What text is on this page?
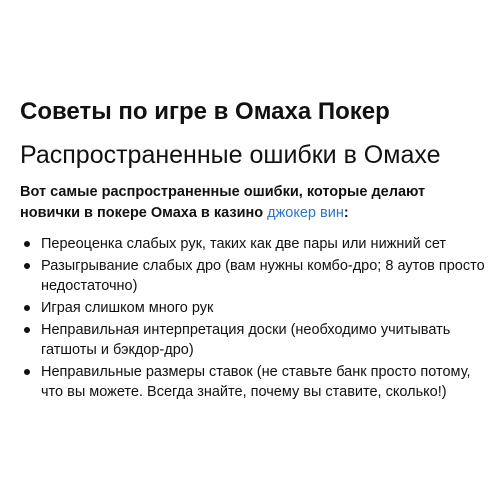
Советы по игре в Омаха Покер
Распространенные ошибки в Омахе

Вот самые распространенные ошибки, которые делают новички в покере Омаха в казино джокер вин:

Переоценка слабых рук, таких как две пары или нижний сет
Разыгрывание слабых дро (вам нужны комбо-дро; 8 аутов просто недостаточно)
Играя слишком много рук
Неправильная интерпретация доски (необходимо учитывать гатшоты и бэкдор-дро)
Неправильные размеры ставок (не ставьте банк просто потому, что вы можете. Всегда знайте, почему вы ставите, сколько!)
